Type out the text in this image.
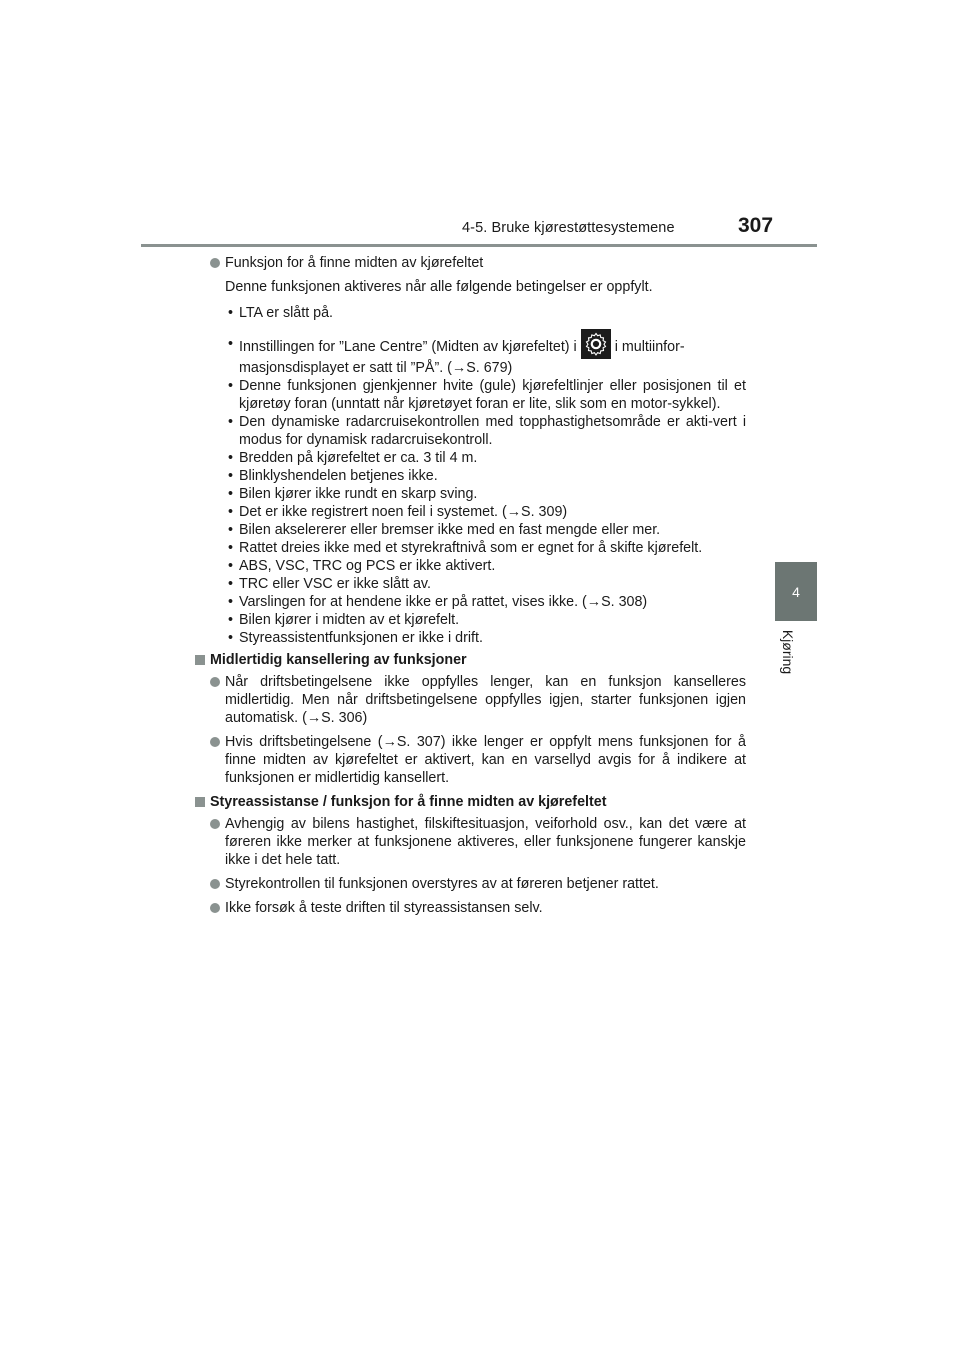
4-5. Bruke kjørestøttesystemene	307
4
Kjøring
Funksjon for å finne midten av kjørefeltet
Denne funksjonen aktiveres når alle følgende betingelser er oppfylt.
• LTA er slått på.
• Innstillingen for ”Lane Centre” (Midten av kjørefeltet) i	i multiinfor-
masjonsdisplayet er satt til ”PÅ”. (→S. 679)
• Denne funksjonen gjenkjenner hvite (gule) kjørefeltlinjer eller posisjonen til et kjøretøy foran (unntatt når kjøretøyet foran er lite, slik som en motor-sykkel).
• Den dynamiske radarcruisekontrollen med topphastighetsområde er akti-vert i modus for dynamisk radarcruisekontroll.
• Bredden på kjørefeltet er ca. 3 til 4 m.
• Blinklyshendelen betjenes ikke.
• Bilen kjører ikke rundt en skarp sving.
• Det er ikke registrert noen feil i systemet. (→S. 309)
• Bilen akselererer eller bremser ikke med en fast mengde eller mer.
• Rattet dreies ikke med et styrekraftnivå som er egnet for å skifte kjørefelt.
• ABS, VSC, TRC og PCS er ikke aktivert.
• TRC eller VSC er ikke slått av.
• Varslingen for at hendene ikke er på rattet, vises ikke. (→S. 308)
• Bilen kjører i midten av et kjørefelt.
• Styreassistentfunksjonen er ikke i drift.
Midlertidig kansellering av funksjoner
Når driftsbetingelsene ikke oppfylles lenger, kan en funksjon kanselleres midlertidig. Men når driftsbetingelsene oppfylles igjen, starter funksjonen igjen automatisk. (→S. 306)
Hvis driftsbetingelsene (→S. 307) ikke lenger er oppfylt mens funksjonen for å finne midten av kjørefeltet er aktivert, kan en varsellyd avgis for å indikere at funksjonen er midlertidig kansellert.
Styreassistanse / funksjon for å finne midten av kjørefeltet
Avhengig av bilens hastighet, filskiftesituasjon, veiforhold osv., kan det være at føreren ikke merker at funksjonene aktiveres, eller funksjonene fungerer kanskje ikke i det hele tatt.
Styrekontrollen til funksjonen overstyres av at føreren betjener rattet.
Ikke forsøk å teste driften til styreassistansen selv.
